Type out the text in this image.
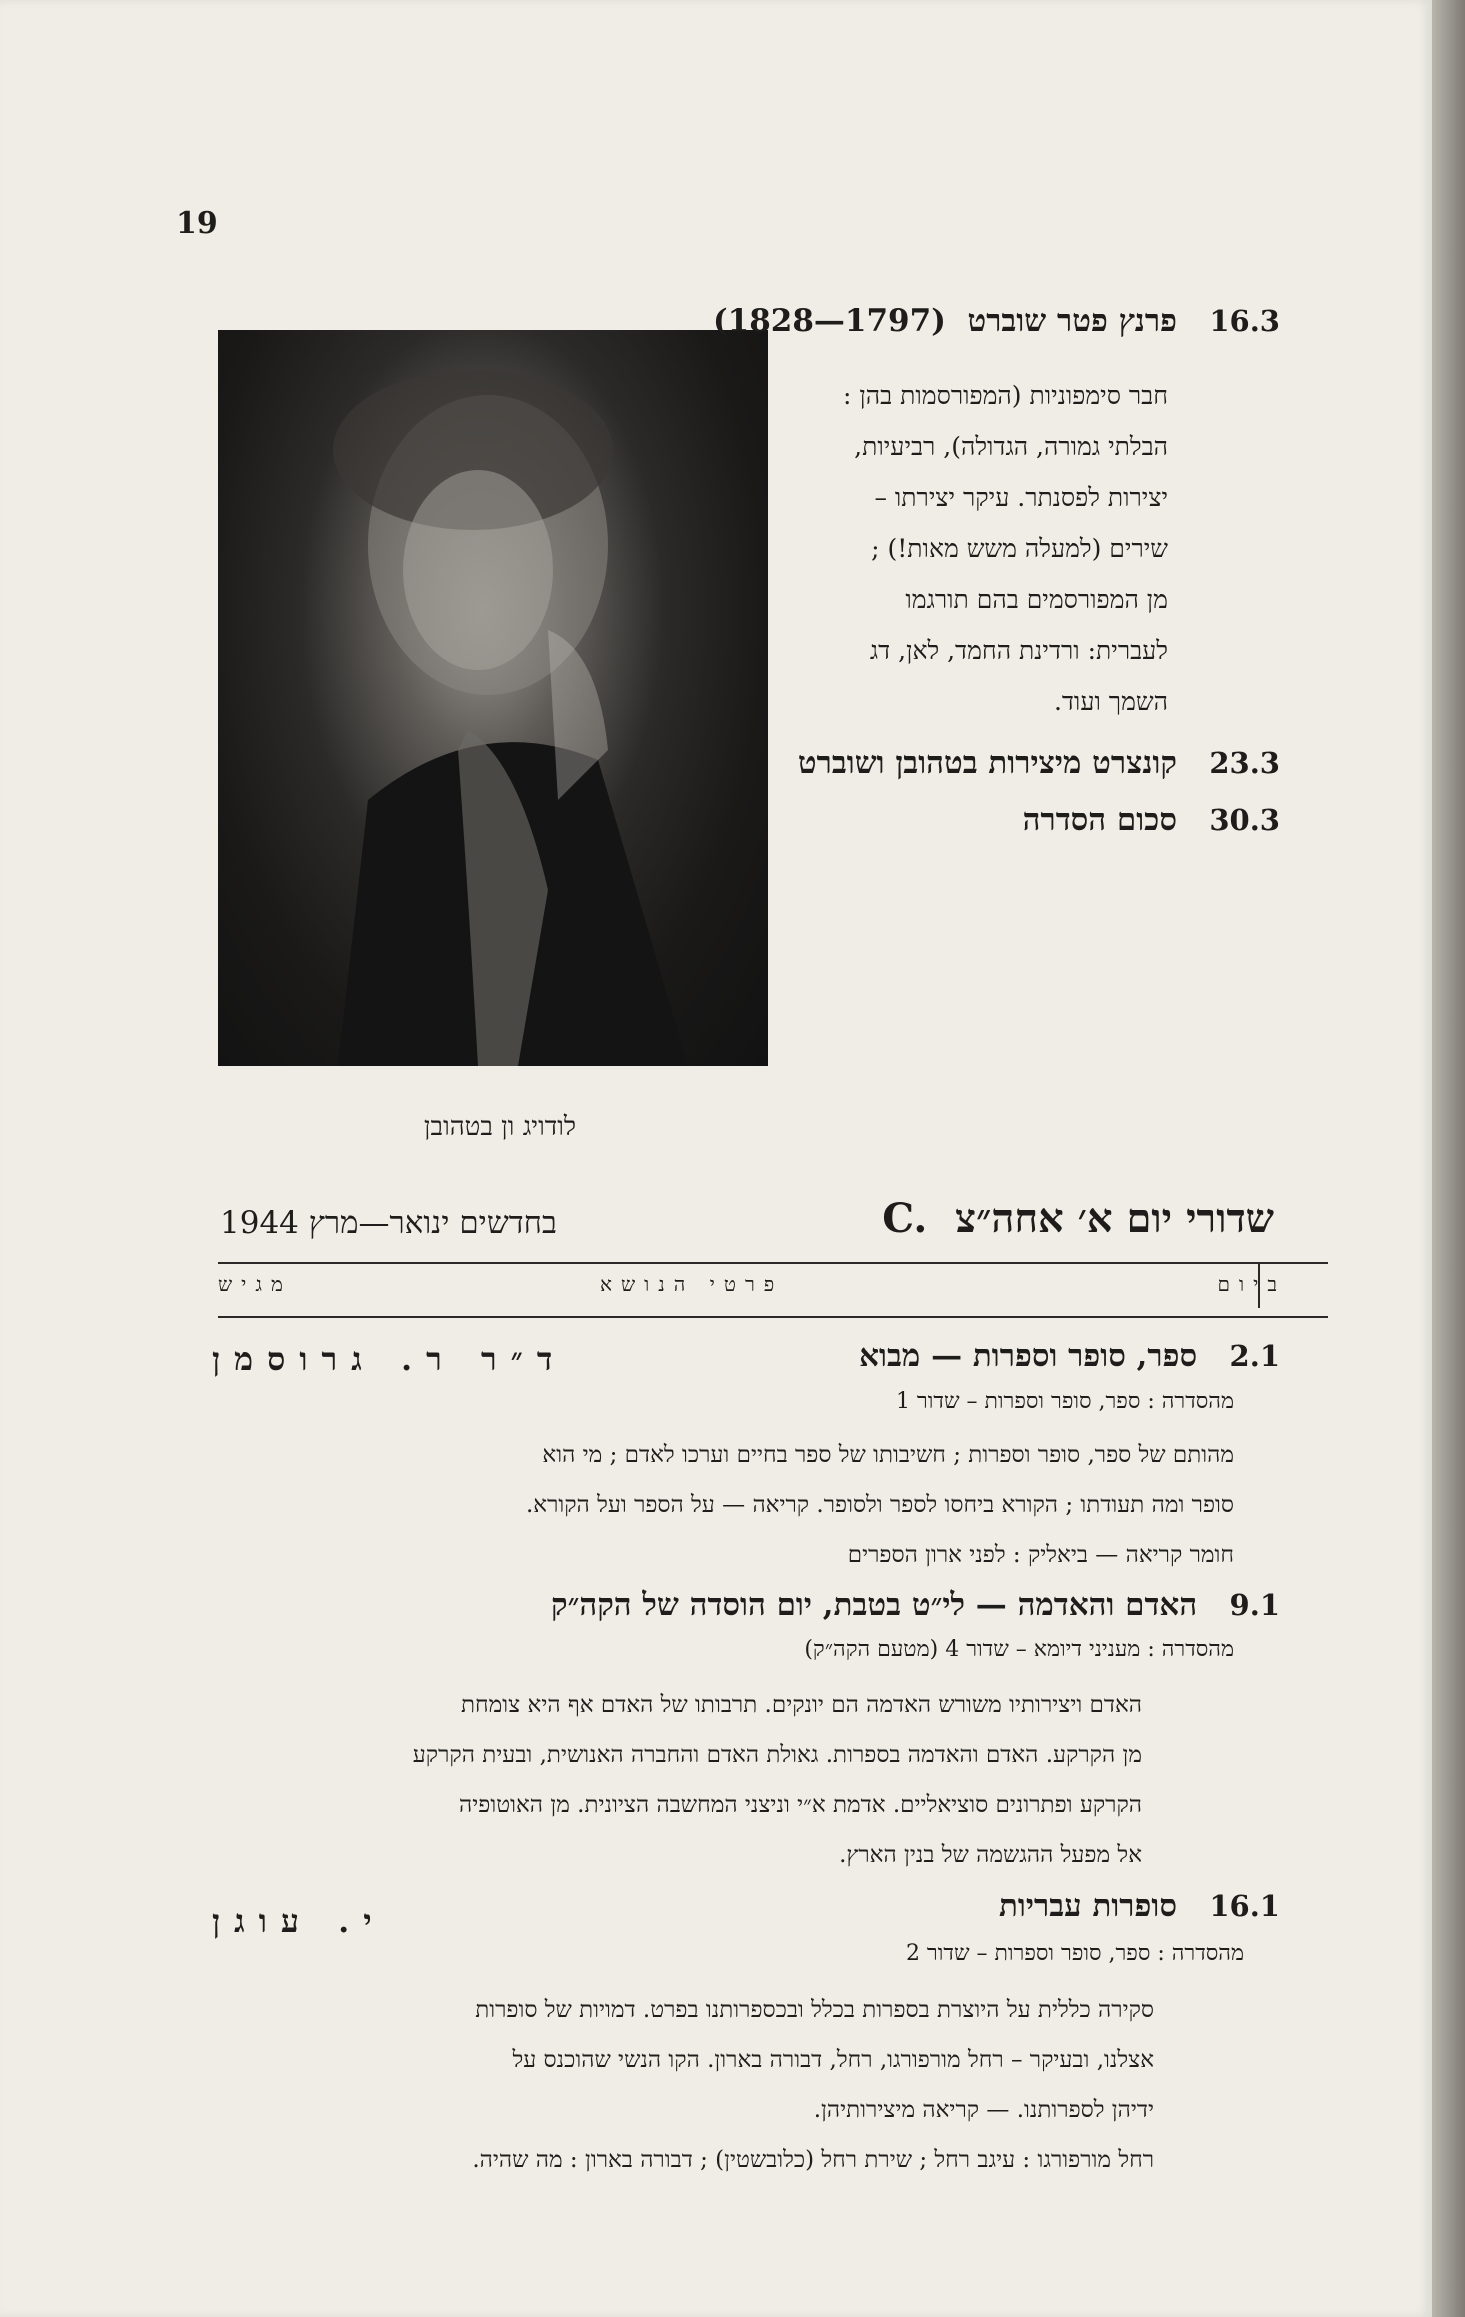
19
לודויג ון בטהובן
16.3   פרנץ פטר שוברט  (1797—1828)
חבר סימפוניות (המפורסמות בהן :
הבלתי גמורה, הגדולה), רביעיות,
יצירות לפסנתר. עיקר יצירתו –
שירים (למעלה משש מאות!) ;
מן המפורסמים בהם תורגמו
לעברית: ורדינת החמד, לאן, דג
השמך ועוד.
23.3   קונצרט מיצירות בטהובן ושוברט
30.3   סכום הסדרה
C. שדורי יום א׳ אחה״צ
בחדשים ינואר—מרץ 1944
ביום
פרטי הנושא
מגיש
2.1   ספר, סופר וספרות — מבוא
ד״ר ר. גרוסמן
מהסדרה : ספר, סופר וספרות – שדור 1
מהותם של ספר, סופר וספרות ; חשיבותו של ספר בחיים וערכו לאדם ; מי הוא
סופר ומה תעודתו ; הקורא ביחסו לספר ולסופר. קריאה — על הספר ועל הקורא.
חומר קריאה — ביאליק : לפני ארון הספרים
9.1   האדם והאדמה — לי״ט בטבת, יום הוסדה של הקה״ק
מהסדרה : מעניני דיומא – שדור 4 (מטעם הקה״ק)
האדם ויצירותיו משורש האדמה הם יונקים. תרבותו של האדם אף היא צומחת
מן הקרקע. האדם והאדמה בספרות. גאולת האדם והחברה האנושית, ובעית הקרקע
הקרקע ופתרונים סוציאליים. אדמת א״י וניצני המחשבה הציונית. מן האוטופיה
אל מפעל ההגשמה של בנין הארץ.
16.1   סופרות עבריות
י. עוגן
מהסדרה : ספר, סופר וספרות – שדור 2
סקירה כללית על היוצרת בספרות בכלל ובכספרותנו בפרט. דמויות של סופרות
אצלנו, ובעיקר – רחל מורפורגו, רחל, דבורה בארון. הקו הנשי שהוכנס על
ידיהן לספרותנו. — קריאה מיצירותיהן.
רחל מורפורגו : עיגב רחל ; שירת רחל (כלובשטין) ; דבורה בארון : מה שהיה.
